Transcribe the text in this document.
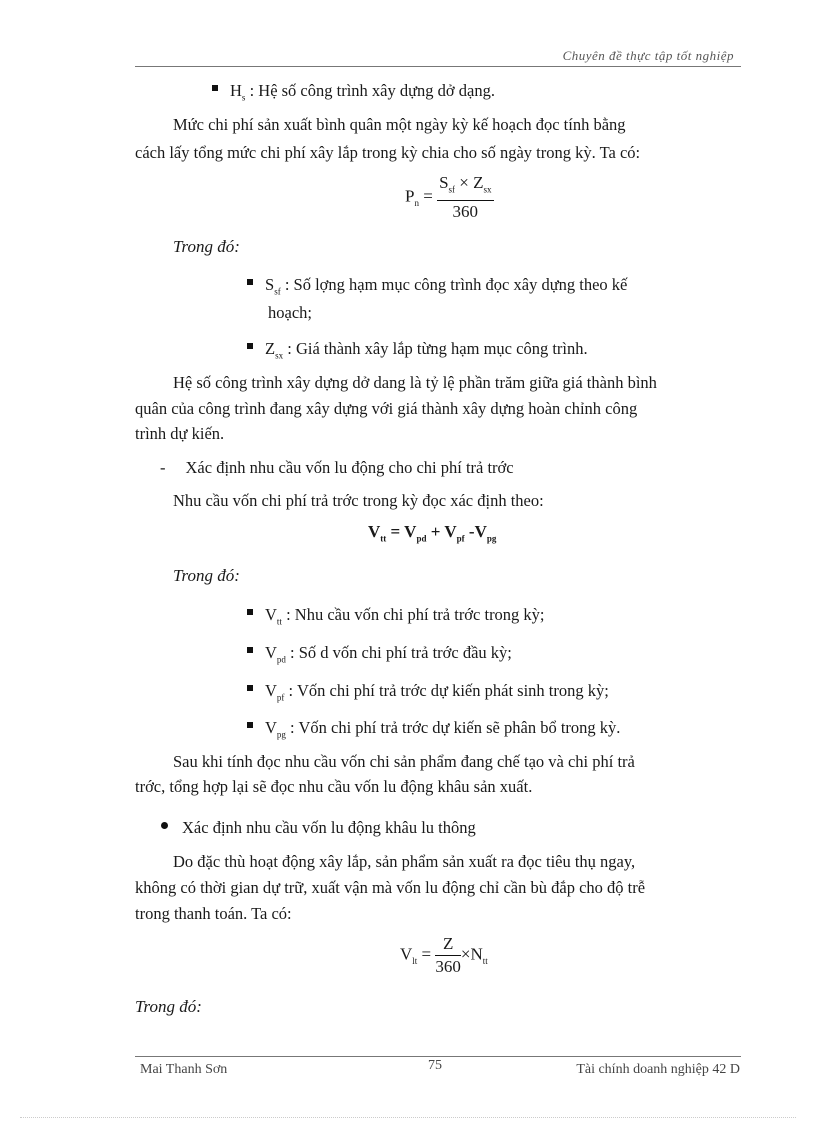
Chuyên đề thực tập tốt nghiệp
$H_s$ : Hệ số công trình xây dựng dở dạng.
Mức chi phí sản xuất bình quân một ngày kỳ kế hoạch đọc tính bằng
cách lấy tổng mức chi phí xây lắp trong kỳ chia cho số ngày trong kỳ. Ta có:
$P_n = \frac{S_{sf} \times Z_{sx}}{360}$
Trong đó:
$S_{sf}$ : Số lợng hạm mục công trình đọc xây dựng theo kế
hoạch;
$Z_{sx}$ : Giá thành xây lắp từng hạm mục công trình.
Hệ số công trình xây dựng dở dang là tỷ lệ phần trăm giữa giá thành bình
quân của công trình đang xây dựng với giá thành xây dựng hoàn chỉnh công
trình dự kiến.
- Xác định nhu cầu vốn lu động cho chi phí trả trớc
Nhu cầu vốn chi phí trả trớc trong kỳ đọc xác định theo:
$V_{tt} = V_{pd} + V_{pf}$ $-V_{pg}$
Trong đó:
$V_{tt}$ : Nhu cầu vốn chi phí trả trớc trong kỳ;
$V_{pd}$ : Số d vốn chi phí trả trớc đầu kỳ;
$V_{pf}$ : Vốn chi phí trả trớc dự kiến phát sinh trong kỳ;
$V_{pg}$ : Vốn chi phí trả trớc dự kiến sẽ phân bổ trong kỳ.
Sau khi tính đọc nhu cầu vốn chi sản phẩm đang chế tạo và chi phí trả
trớc, tổng hợp lại sẽ đọc nhu cầu vốn lu động khâu sản xuất.
Xác định nhu cầu vốn lu động khâu lu thông
Do đặc thù hoạt động xây lắp, sản phẩm sản xuất ra đọc tiêu thụ ngay,
không có thời gian dự trữ, xuất vận mà vốn lu động chỉ cần bù đắp cho độ trễ
trong thanh toán. Ta có:
$V_{lt} = \frac{Z}{360} \times N_{tt}$
Trong đó:
Mai Thanh Sơn	75	Tài chính doanh nghiệp 42 D
